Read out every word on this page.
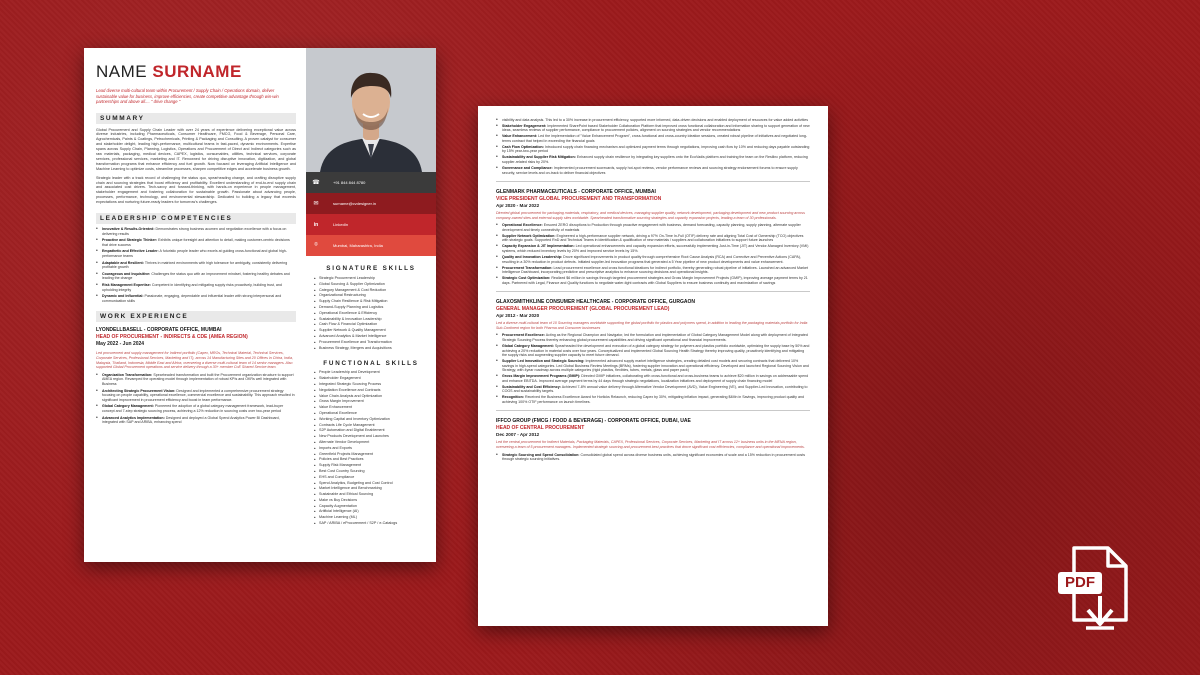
NAME SURNAME
Lead diverse multi-cultural team within Procurement / Supply Chain / Operations domain, deliver sustainable value for business, improve efficiencies, create competitive advantage through win-win partnerships and above all.... " drive change "
SUMMARY

Global Procurement and Supply Chain Leader with over 24 years of experience delivering exceptional value across diverse industries, including Pharmaceuticals, Consumer Healthcare, FMCG, Food & Beverage, Personal Care, Agrochemicals, Paints & Coatings, Petrochemicals, Printing & Packaging and Consulting. A proven catalyst for consumer and stakeholder delight, leading high-performance, multicultural teams in fast-paced, dynamic environments. Expertise spans across Supply Chain, Planning, Logistics, Operations and Procurement of Direct and Indirect categories such as raw materials, packaging, medical devices, CAPEX, logistics, consumables, utilities, technical services, corporate services, professional services, marketing and IT. Renowned for driving disruptive innovation, digitization, and global transformation programs that enhance efficiency and fuel growth. Now focused on leveraging Artificial Intelligence and Machine Learning to optimize costs, streamline processes, sharpen competitive edges and accelerate business growth.

Strategic leader with a track record of challenging the status quo, spearheading change, and crafting disruptive supply chain and sourcing strategies that boost efficiency and profitability. Excellent understanding of end-to-end supply chain and associated cost drivers. Tech-savvy and forward-thinking, with hands-on experience in people management, stakeholder engagement and fostering collaboration for sustainable growth. Passionate about advancing people, processes, performance, technology, and environmental stewardship. Dedicated to building a legacy that exceeds expectations and nurturing future-ready leaders for tomorrow's challenges.

LEADERSHIP COMPETENCIES
• Innovative & Results-Oriented: Demonstrates strong business acumen and negotiation excellence with a focus on delivering results
• Proactive and Strategic Thinker: Exhibits unique foresight and attention to detail, making customer-centric decisions that drive success
• Empathetic and Effective Leader: A futuristic people leader who excels at guiding cross-functional and global high-performance teams
• Adaptable and Resilient: Thrives in matrixed environments with high tolerance for ambiguity, consistently delivering profitable growth
• Courageous and Inquisitive: Challenges the status quo with an improvement mindset, fostering healthy debates and leading the change
• Risk Management Expertise: Competent in identifying and mitigating supply risks proactively, building trust, and upholding integrity
• Dynamic and Influential: Passionate, engaging, dependable and influential leader with strong interpersonal and communication skills
WORK EXPERIENCE
LYONDELLBASELL - CORPORATE OFFICE, MUMBAI
HEAD OF PROCUREMENT - INDIRECTS & CDE (AMEA REGION)
May 2022 - Jun 2024

Led procurement and supply management for Indirect portfolio (Capex, MROs, Technical Material, Technical Services, Corporate Services, Professional Services, Marketing and IT), across 14 Manufacturing Sites and 20 Offices in China, India, Malaysia, Thailand, Indonesia, Middle East and Africa, overseeing a diverse multi-cultural team of 14 senior managers. Also supported Global Procurement operations and service delivery through a 30+ member CoE Shared Service team.

• Organization Transformation: Spearheaded transformation and built the Procurement organization structure to support AMEA region. Revamped the operating model through implementation of robust KPIs and OKRs well integrated with Business
• Architecting Strategic Procurement Vision: Designed and implemented a comprehensive procurement strategy focusing on people capability, operational excellence, commercial excellence and sustainability. This approach resulted in significant improvement in procurement efficiency and boost in team performance.
• Global Category Management: Pioneered the adoption of a global category management framework, lead-buyer concept and 7-step strategic sourcing process, achieving a 12% reduction in sourcing costs over two-year period
• Advanced Analytics Implementation: Designed and deployed a Global Spend Analytics Power BI Dashboard, integrated with SAP and ARIBA, enhancing spend
☎	+91 844 844 8780
✉	surname@cvdesigner.in
in	LinkedIn
⌾	Mumbai, Maharashtra, India
SIGNATURE SKILLS
• Strategic Procurement Leadership
• Global Sourcing & Supplier Optimization
• Category Management & Cost Reduction
• Organizational Restructuring
• Supply Chain Resilience & Risk Mitigation
• Demand-Supply Planning and Logistics
• Operational Excellence & Efficiency
• Sustainability & Innovation Leadership
• Cash Flow & Financial Optimization
• Supplier Network & Quality Management
• Advanced Analytics & Market Intelligence
• Procurement Excellence and Transformation
• Business Strategy, Mergers and Acquisitions
FUNCTIONAL SKILLS
• People Leadership and Development
• Stakeholder Engagement
• Integrated Strategic Sourcing Process
• Negotiation Excellence and Contracts
• Value Chain Analysis and Optimization
• Gross Margin Improvement
• Value Enhancement
• Operational Excellence
• Working Capital and Inventory Optimization
• Contracts Life Cycle Management
• S2P Automation and Digital Enablement
• New Products Development and Launches
• Alternate Vendor Development
• Imports and Exports
• Greenfield Projects Management
• Policies and Best Practices
• Supply Risk Management
• Best Cost Country Sourcing
• EHS and Compliance
• Spend Analytics, Budgeting and Cost Control
• Market Intelligence and Benchmarking
• Sustainable and Ethical Sourcing
• Make vs Buy Decisions
• Capacity Augmentation
• Artificial Intelligence (AI)
• Machine Learning (ML)
• SAP / ARIBA / eProcurement / S2P / e-Catalogs
• visibility and data analysis. This led to a 30% increase in procurement efficiency, supported more informed, data-driven decisions and enabled deployment of resources for value added activities
• Stakeholder Engagement: Implemented SharePoint based Stakeholder Collaboration Platform that improved cross functional collaboration and information sharing to support generation of new ideas, seamless reviews of supplier performance, compliance to procurement policies, alignment on sourcing strategies and vendor recommendations
• Value Enhancement: Led the implementation of "Value Enhancement Program", cross-functional and cross-country ideation sessions, created robust pipeline of initiatives and negotiated long-terms contract that helped in exceeding the financial goals
• Cash Flow Optimization: Introduced supply chain financing mechanism and optimized payment terms through negotiations, improving cash flow by 10% and reducing days payable outstanding by 15% year-two-year period
• Sustainability and Supplier Risk Mitigation: Enhanced supply chain resilience by integrating key suppliers onto the EcoVadis platform and training the team on the Resilinc platform, reducing supplier-related risks by 20%.
• Governance and Compliance: Implemented procurement scorecards, supply hot-spot reviews, vendor performance reviews and sourcing strategy endorsement forums to ensure supply security, service levels and on-track to deliver financial objectives
GLENMARK PHARMACEUTICALS - CORPORATE OFFICE, MUMBAI
VICE PRESIDENT GLOBAL PROCUREMENT AND TRANSFORMATION
Apr 2020 - Mar 2022

Directed global procurement for packaging materials, respiratory, and medical devices, managing supplier quality, network development, packaging development and new product sourcing across company-owned sites and external supply sites worldwide. Spearheaded transformative sourcing strategies and capacity expansion projects, leading a team of 30 professionals.

• Operational Excellence: Ensured ZERO disruptions to Production through proactive engagement with business, demand forecasting, capacity planning, supply planning, alternate supplier development and timely connectivity of materials
• Supplier Network Optimization: Engineered a high-performance supplier network, driving a 97% On-Time In-Full (OTIF) delivery rate and aligning Total Cost of Ownership (TCO) objectives with strategic goals. Supported RnD and Technical Teams in identification & qualification of new materials / suppliers and collaboration initiatives to support future launches
• Capacity Expansion & JIT Implementation: Led operational enhancements and capacity expansion efforts, successfully implementing Just-in-Time (JIT) and Vendor-Managed Inventory (VMI) systems, which reduced inventory levels by 20% and improved service levels by 15%.
• Quality and Innovation Leadership: Drove significant improvements in product quality through comprehensive Root Cause Analysis (RCA) and Corrective and Preventive Actions (CAPA), resulting in a 30% reduction in product defects. Initiated supplier-led innovation programs that generated a 5 Year pipeline of new product developments and value enhancement.
• Procurement Transformation: Lead procurement excellence and cross functional ideations for indirect portfolio, thereby generating robust pipeline of initiatives. Launched an advanced Market Intelligence Dashboard, incorporating predictive and prescriptive analytics to enhance sourcing decisions and operational insights.
• Strategic Cost Optimization: Realized $6 million in savings through targeted procurement strategies and Gross Margin Improvement Projects (GMIP), improving average payment terms by 21 days. Partnered with Legal, Finance and Quality functions to negotiate water-tight contracts with Global Suppliers to ensure business continuity and maximization of savings
GLAXOSMITHKLINE CONSUMER HEALTHCARE - CORPORATE OFFICE, GURGAON
GENERAL MANAGER PROCUREMENT (GLOBAL PROCUREMENT LEAD)
Apr 2012 - Mar 2020

Led a diverse multi-cultural team of 10 Sourcing managers worldwide supporting the global portfolio for plastics and polymers spend, in addition to leading the packaging materials portfolio for India Sub-Continent region for both Pharma and Consumer businesses

• Procurement Excellence: Acting as the Regional Champion and Navigator, led the formulation and implementation of Global Category Management Model along with deployment of Integrated Strategic Sourcing Process thereby enhancing global procurement capabilities and driving significant operational and financial improvements.
• Global Category Management: Spearheaded the development and execution of a global category strategy for polymers and plastics portfolio worldwide, optimizing the supply base by 50% and achieving a 20% reduction in material costs over four years. Conceptualized and implemented Global Sourcing Health Strategy thereby improving quality, proactively identifying and mitigating the supply risks and augmenting supplier capacity to meet future demand.
• Supplier Led Innovation and Strategic Sourcing: Implemented advanced supply market intelligence strategies, creating detailed cost models and securing contracts that delivered 10% savings in high-spend categories. Led Global Business Review Meetings (BRMs), fostering supplier innovation and operational efficiency. Developed and launched Regional Sourcing Vision and Strategy, with 4year roadmap across multiple categories (rigid plastics, flexibles, tubes, metals, glass and paper pack)
• Gross Margin Improvement Programs (GMIP): Directed GMIP initiatives, collaborating with cross-functional and cross-business teams to achieve $20 million in savings on addressable spend and enhance EBITDA. Improved average payment terms by 44 days through strategic negotiations, localization initiatives and deployment of supply chain financing model
• Sustainability and Cost Efficiency: Achieved 7-8% annual value delivery through Alternative Vendor Development (AVD), Value Engineering (VE), and Supplier-Led Innovation, contributing to COGS and sustainability targets.
• Recognition: Received the Business Excellence Award for Horlicks Relaunch, reducing Capex by 30%, mitigating inflation impact, generating $4Mn in Savings, improving product quality and achieving 100% OTIF performance on launch timelines.
IFFCO GROUP (FMCG / FOOD & BEVERAGE) - CORPORATE OFFICE, DUBAI, UAE
HEAD OF CENTRAL PROCUREMENT
Dec 2007 - Apr 2012

Led the central procurement for Indirect Materials, Packaging Materials, CAPEX, Professional Services, Corporate Services, Marketing and IT across 12+ business units in the MENA region, overseeing a team of 5 procurement managers. Implemented strategic sourcing and procurement best practices that drove significant cost efficiencies, compliance and operational improvements.

• Strategic Sourcing and Spend Consolidation: Consolidated global spend across diverse business units, achieving significant economies of scale and a 15% reduction in procurement costs through strategic sourcing initiatives.
PDF
